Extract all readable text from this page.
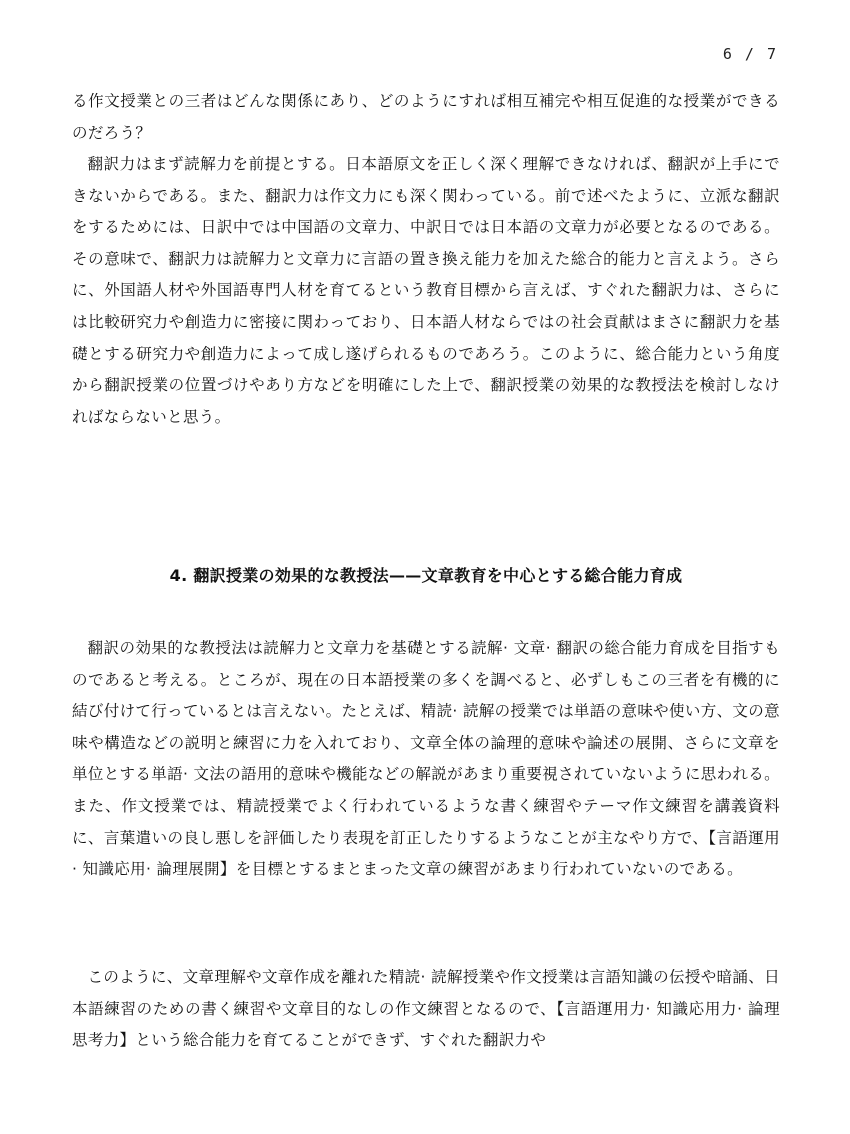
6 / 7

る作文授業との三者はどんな関係にあり、どのようにすれば相互補完や相互促進的な授業ができるのだろう？

翻訳力はまず読解力を前提とする。日本語原文を正しく深く理解できなければ、翻訳が上手にできないからである。また、翻訳力は作文力にも深く関わっている。前で述べたように、立派な翻訳をするためには、日訳中では中国語の文章力、中訳日では日本語の文章力が必要となるのである。その意味で、翻訳力は読解力と文章力に言語の置き換え能力を加えた総合的能力と言えよう。さらに、外国語人材や外国語専門人材を育てるという教育目標から言えば、すぐれた翻訳力は、さらには比較研究力や創造力に密接に関わっており、日本語人材ならではの社会貢献はまさに翻訳力を基礎とする研究力や創造力によって成し遂げられるものであろう。このように、総合能力という角度から翻訳授業の位置づけやあり方などを明確にした上で、翻訳授業の効果的な教授法を検討しなければならないと思う。

4. 翻訳授業の効果的な教授法——文章教育を中心とする総合能力育成

翻訳の効果的な教授法は読解力と文章力を基礎とする読解· 文章· 翻訳の総合能力育成を目指すものであると考える。ところが、現在の日本語授業の多くを調べると、必ずしもこの三者を有機的に結び付けて行っているとは言えない。たとえば、精読· 読解の授業では単語の意味や使い方、文の意味や構造などの説明と練習に力を入れており、文章全体の論理的意味や論述の展開、さらに文章を単位とする単語· 文法の語用的意味や機能などの解説があまり重要視されていないように思われる。また、作文授業では、精読授業でよく行われているような書く練習やテーマ作文練習を講義資料に、言葉遣いの良し悪しを評価したり表現を訂正したりするようなことが主なやり方で、【言語運用· 知識応用· 論理展開】を目標とするまとまった文章の練習があまり行われていないのである。

このように、文章理解や文章作成を離れた精読· 読解授業や作文授業は言語知識の伝授や暗誦、日本語練習のための書く練習や文章目的なしの作文練習となるので、【言語運用力· 知識応用力· 論理思考力】という総合能力を育てることができず、すぐれた翻訳力や
